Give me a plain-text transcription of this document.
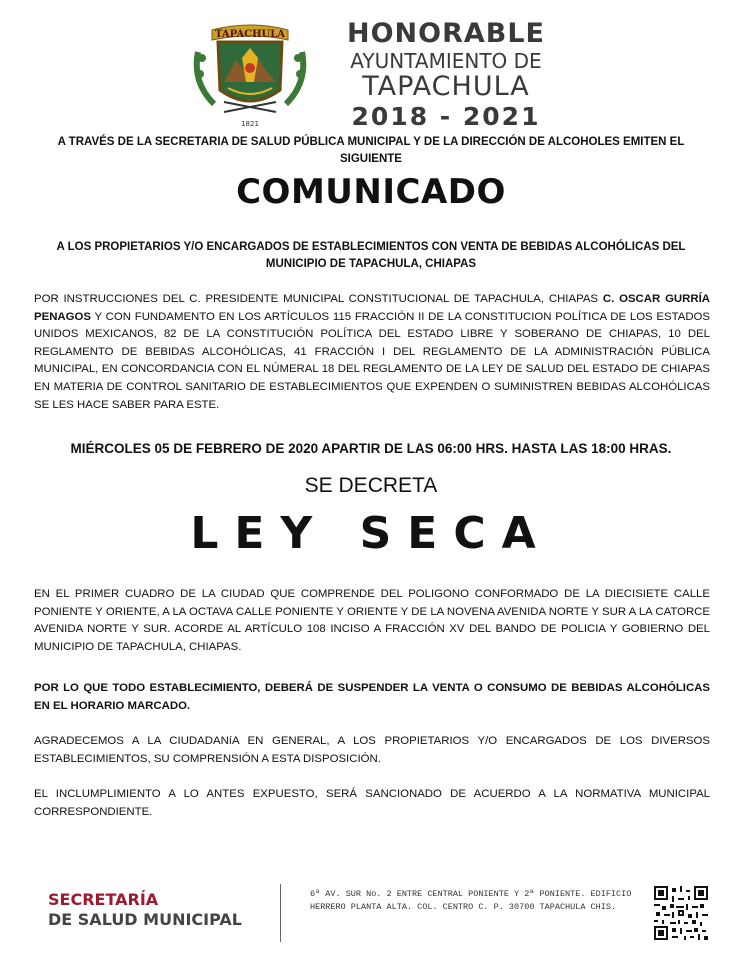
TAPACHULA
1821
HONORABLE
AYUNTAMIENTO DE
TAPACHULA
2018 - 2021
A TRAVÉS DE LA SECRETARIA DE SALUD PÚBLICA MUNICIPAL Y DE LA DIRECCIÓN DE ALCOHOLES EMITEN EL SIGUIENTE
COMUNICADO
A LOS PROPIETARIOS Y/O ENCARGADOS DE ESTABLECIMIENTOS CON VENTA DE BEBIDAS ALCOHÓLICAS DEL MUNICIPIO DE TAPACHULA, CHIAPAS
POR INSTRUCCIONES DEL C. PRESIDENTE MUNICIPAL CONSTITUCIONAL DE TAPACHULA, CHIAPAS C. OSCAR GURRÍA PENAGOS Y CON FUNDAMENTO EN LOS ARTÍCULOS 115 FRACCIÓN II DE LA CONSTITUCION POLÍTICA DE LOS ESTADOS UNIDOS MEXICANOS, 82 DE LA CONSTITUCIÓN POLÍTICA DEL ESTADO LIBRE Y SOBERANO DE CHIAPAS, 10 DEL REGLAMENTO DE BEBIDAS ALCOHÓLICAS, 41 FRACCIÓN I DEL REGLAMENTO DE LA ADMINISTRACIÓN PÚBLICA MUNICIPAL, EN CONCORDANCIA CON EL NÚMERAL 18 DEL REGLAMENTO DE LA LEY DE SALUD DEL ESTADO DE CHIAPAS EN MATERIA DE CONTROL SANITARIO DE ESTABLECIMIENTOS QUE EXPENDEN O SUMINISTREN BEBIDAS ALCOHÓLICAS SE LES HACE SABER PARA ESTE.
MIÉRCOLES 05 DE FEBRERO DE 2020 APARTIR DE LAS 06:00 HRS. HASTA LAS 18:00 HRAS.
SE DECRETA
LEY SECA
EN EL PRIMER CUADRO DE LA CIUDAD QUE COMPRENDE DEL POLIGONO CONFORMADO DE LA DIECISIETE CALLE PONIENTE Y ORIENTE, A LA OCTAVA CALLE PONIENTE Y ORIENTE Y DE LA NOVENA AVENIDA NORTE Y SUR A LA CATORCE AVENIDA NORTE Y SUR. ACORDE AL ARTÍCULO 108 INCISO A FRACCIÓN XV DEL BANDO DE POLICIA Y GOBIERNO DEL MUNICIPIO DE TAPACHULA, CHIAPAS.
POR LO QUE TODO ESTABLECIMIENTO, DEBERÁ DE SUSPENDER LA VENTA O CONSUMO DE BEBIDAS ALCOHÓLICAS EN EL HORARIO MARCADO.
AGRADECEMOS A LA CIUDADANíA EN GENERAL, A LOS PROPIETARIOS Y/O ENCARGADOS DE LOS DIVERSOS ESTABLECIMIENTOS, SU COMPRENSIÓN A ESTA DISPOSICIÓN.
EL INCLUMPLIMIENTO A LO ANTES EXPUESTO, SERÁ SANCIONADO DE ACUERDO A LA NORMATIVA MUNICIPAL CORRESPONDIENTE.
SECRETARÍA
DE SALUD MUNICIPAL
6ª AV. SUR No. 2 ENTRE CENTRAL PONIENTE Y 2ª PONIENTE. EDIFICIO
HERRERO PLANTA ALTA. COL. CENTRO C. P. 30700 TAPACHULA CHIS.
